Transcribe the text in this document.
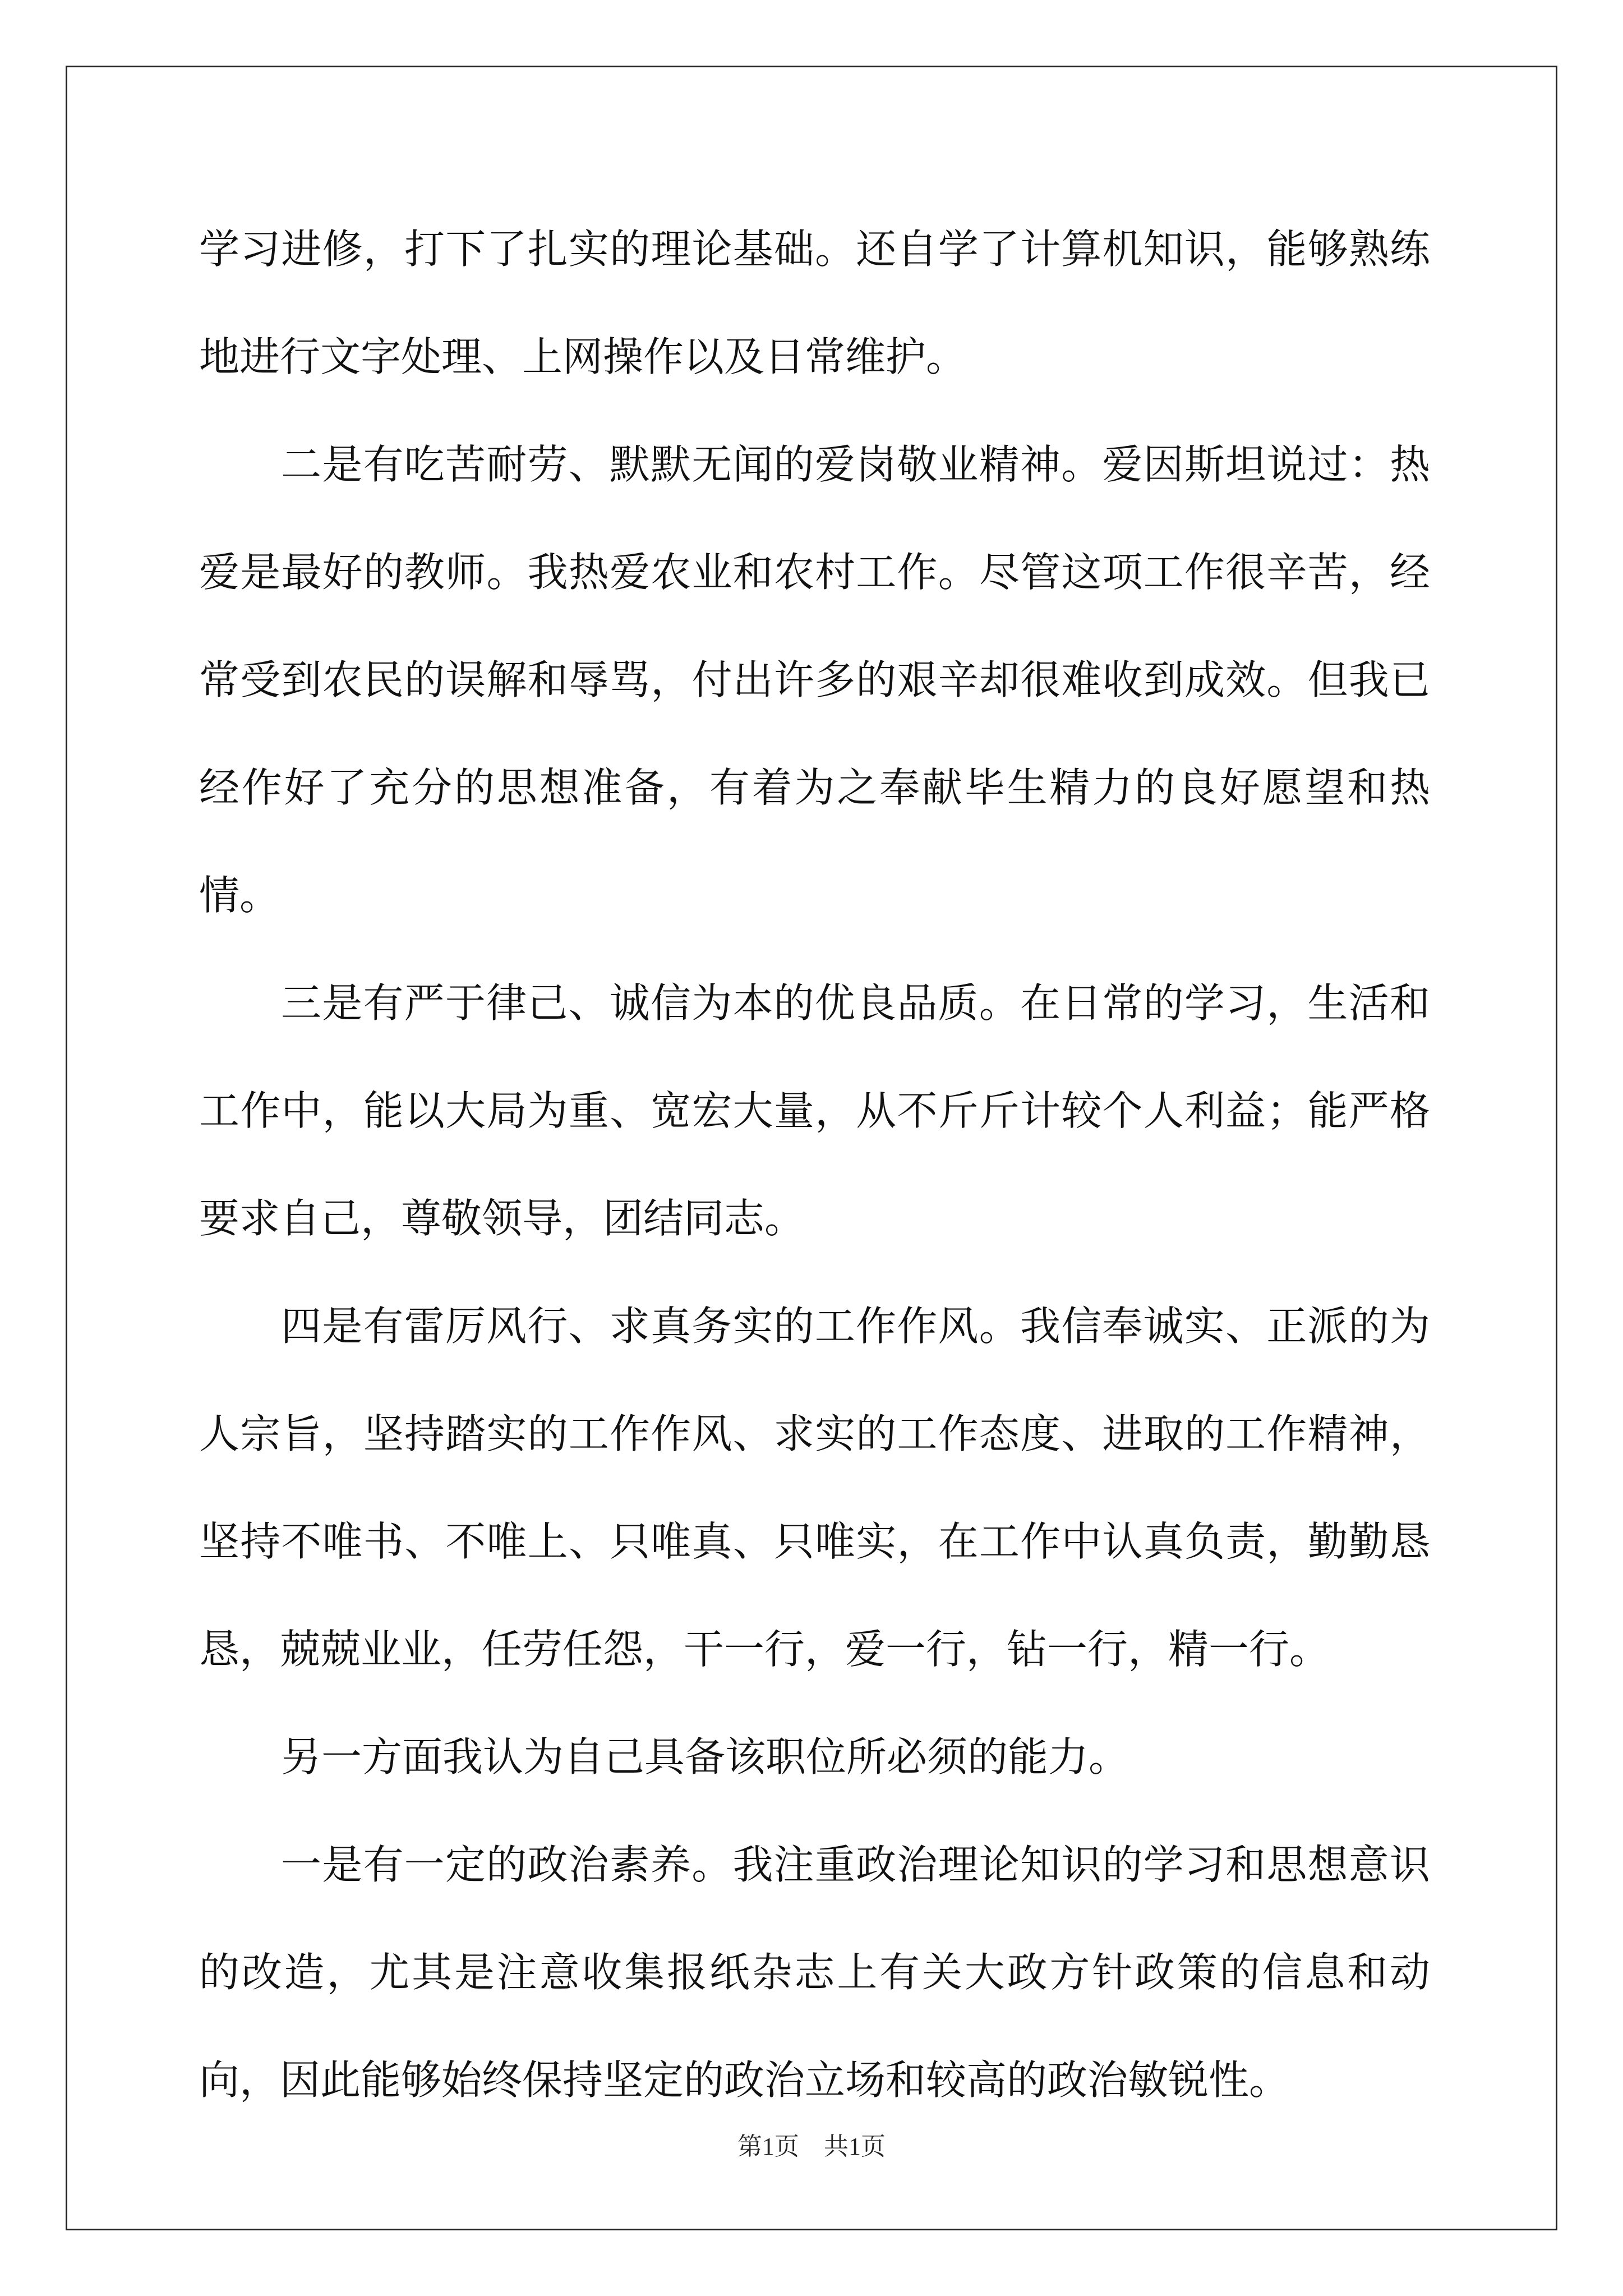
学习进修，打下了扎实的理论基础。还自学了计算机知识，能够熟练地进行文字处理、上网操作以及日常维护。

二是有吃苦耐劳、默默无闻的爱岗敬业精神。爱因斯坦说过：热爱是最好的教师。我热爱农业和农村工作。尽管这项工作很辛苦，经常受到农民的误解和辱骂，付出许多的艰辛却很难收到成效。但我已经作好了充分的思想准备，有着为之奉献毕生精力的良好愿望和热情。

三是有严于律己、诚信为本的优良品质。在日常的学习，生活和工作中，能以大局为重、宽宏大量，从不斤斤计较个人利益；能严格要求自己，尊敬领导，团结同志。

四是有雷厉风行、求真务实的工作作风。我信奉诚实、正派的为人宗旨，坚持踏实的工作作风、求实的工作态度、进取的工作精神，坚持不唯书、不唯上、只唯真、只唯实，在工作中认真负责，勤勤恳恳，兢兢业业，任劳任怨，干一行，爱一行，钻一行，精一行。

另一方面我认为自己具备该职位所必须的能力。

一是有一定的政治素养。我注重政治理论知识的学习和思想意识的改造，尤其是注意收集报纸杂志上有关大政方针政策的信息和动向，因此能够始终保持坚定的政治立场和较高的政治敏锐性。

第1页 共1页
